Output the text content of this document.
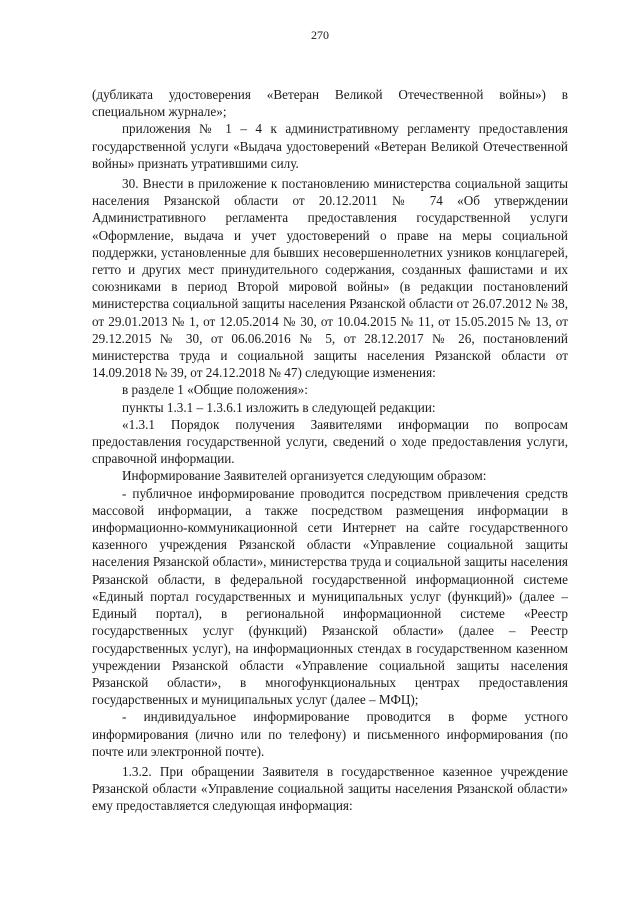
270

(дубликата удостоверения «Ветеран Великой Отечественной войны») в специальном журнале»;

приложения № 1 – 4 к административному регламенту предоставления государственной услуги «Выдача удостоверений «Ветеран Великой Отечественной войны» признать утратившими силу.

30. Внести в приложение к постановлению министерства социальной защиты населения Рязанской области от 20.12.2011 № 74 «Об утверждении Административного регламента предоставления государственной услуги «Оформление, выдача и учет удостоверений о праве на меры социальной поддержки, установленные для бывших несовершеннолетних узников концлагерей, гетто и других мест принудительного содержания, созданных фашистами и их союзниками в период Второй мировой войны» (в редакции постановлений министерства социальной защиты населения Рязанской области от 26.07.2012 № 38, от 29.01.2013 № 1, от 12.05.2014 № 30, от 10.04.2015 № 11, от 15.05.2015 № 13, от 29.12.2015 № 30, от 06.06.2016 № 5, от 28.12.2017 № 26, постановлений министерства труда и социальной защиты населения Рязанской области от 14.09.2018 № 39, от 24.12.2018 № 47) следующие изменения:

в разделе 1 «Общие положения»:

пункты 1.3.1 – 1.3.6.1 изложить в следующей редакции:

«1.3.1 Порядок получения Заявителями информации по вопросам предоставления государственной услуги, сведений о ходе предоставления услуги, справочной информации.

Информирование Заявителей организуется следующим образом:

- публичное информирование проводится посредством привлечения средств массовой информации, а также посредством размещения информации в информационно-коммуникационной сети Интернет на сайте государственного казенного учреждения Рязанской области «Управление социальной защиты населения Рязанской области», министерства труда и социальной защиты населения Рязанской области, в федеральной государственной информационной системе «Единый портал государственных и муниципальных услуг (функций)» (далее – Единый портал), в региональной информационной системе «Реестр государственных услуг (функций) Рязанской области» (далее – Реестр государственных услуг), на информационных стендах в государственном казенном учреждении Рязанской области «Управление социальной защиты населения Рязанской области», в многофункциональных центрах предоставления государственных и муниципальных услуг (далее – МФЦ);

- индивидуальное информирование проводится в форме устного информирования (лично или по телефону) и письменного информирования (по почте или электронной почте).

1.3.2. При обращении Заявителя в государственное казенное учреждение Рязанской области «Управление социальной защиты населения Рязанской области» ему предоставляется следующая информация:
